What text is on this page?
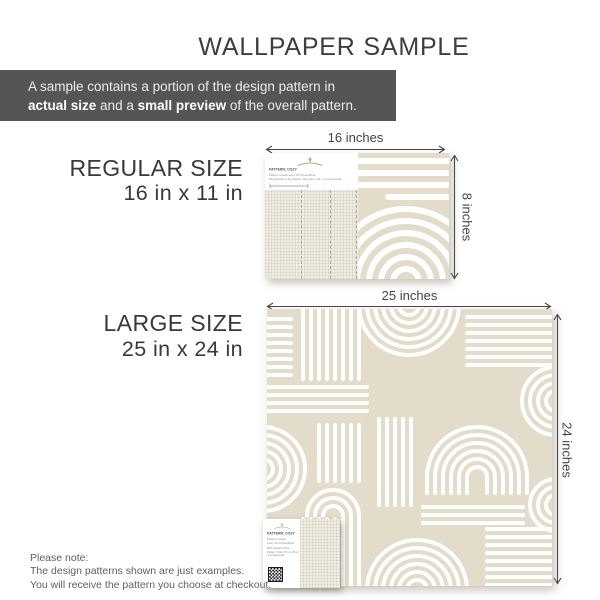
WALLPAPER SAMPLE
A sample contains a portion of the design pattern in
actual size and a small preview of the overall pattern.
REGULAR SIZE
16 in x 11 in
16 inches
8 inches
PATTERN: COZY
Pattern repeats every 26 inches/White
Mini artwork of the Pattern: Size 16 in x 11 in in actual scale
LARGE SIZE
25 in x 24 in
25 inches
24 inches
PATTERN: COZY
Pattern repeats
every 26 inches/White
Mini artwork of the
Pattern: Size 25 in x 24 in
in actual scale
Please note:
The design patterns shown are just examples.
You will receive the pattern you choose at checkout.
